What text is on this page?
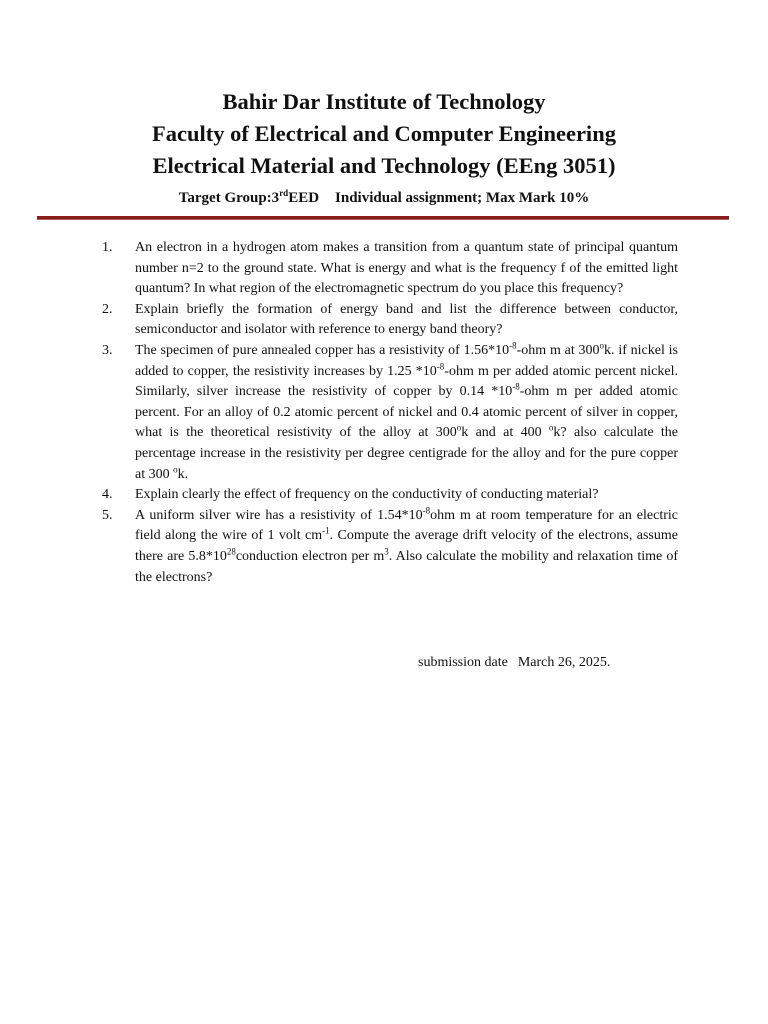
Bahir Dar Institute of Technology
Faculty of Electrical and Computer Engineering
Electrical Material and Technology (EEng 3051)
Target Group:3rdEED Individual assignment; Max Mark 10%
1.	An electron in a hydrogen atom makes a transition from a quantum state of principal quantum number n=2 to the ground state. What is energy and what is the frequency f of the emitted light quantum? In what region of the electromagnetic spectrum do you place this frequency?
2.	Explain briefly the formation of energy band and list the difference between conductor, semiconductor and isolator with reference to energy band theory?
3.	The specimen of pure annealed copper has a resistivity of $1.56*10^{-8}$-ohm m at 300$^o$k. if nickel is added to copper, the resistivity increases by 1.25 $*10^{-8}$-ohm m per added atomic percent nickel. Similarly, silver increase the resistivity of copper by 0.14 $*10^{-8}$-ohm m per added atomic percent. For an alloy of 0.2 atomic percent of nickel and 0.4 atomic percent of silver in copper, what is the theoretical resistivity of the alloy at 300$^o$k and at 400 $^o$k? also calculate the percentage increase in the resistivity per degree centigrade for the alloy and for the pure copper at 300 $^o$k.
4.	Explain clearly the effect of frequency on the conductivity of conducting material?
5.	A uniform silver wire has a resistivity of $1.54*10^{-8}ohm$ m at room temperature for an electric field along the wire of 1 volt $cm^{-1}$. Compute the average drift velocity of the electrons, assume there are $5.8*10^{28}conduction$ electron per $m^3$. Also calculate the mobility and relaxation time of the electrons?
submission date March 26, 2025.
